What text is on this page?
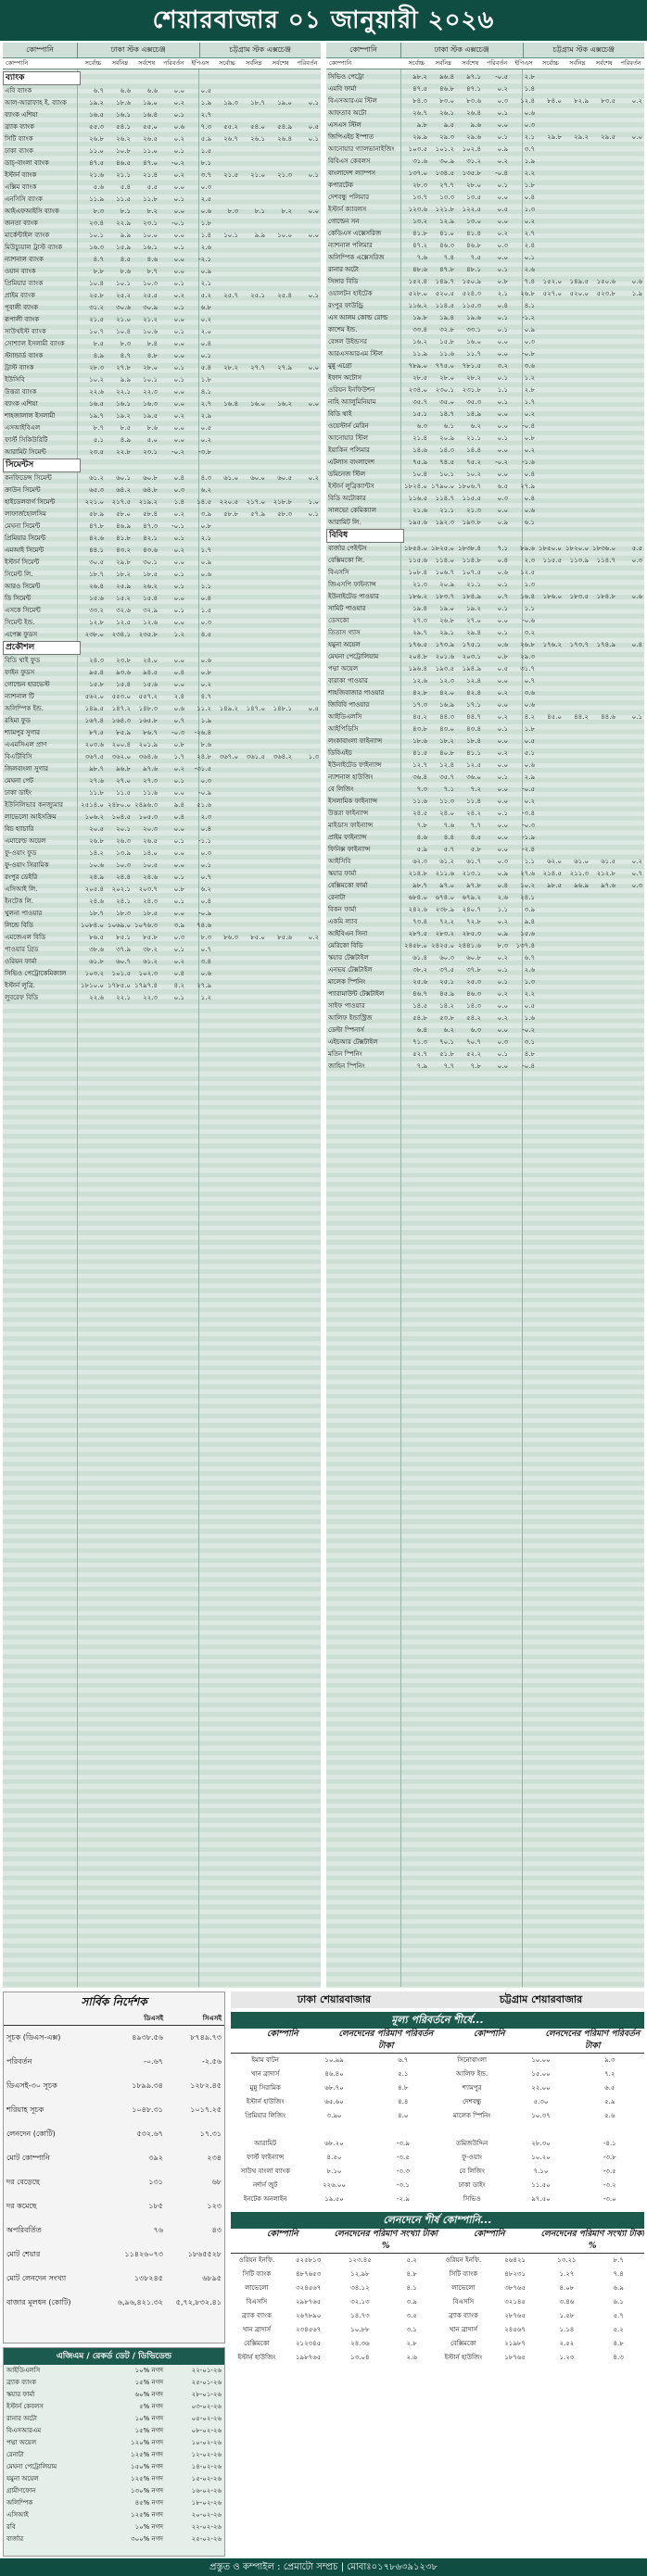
শেয়ারবাজার ০১ জানুয়ারী ২০২৬
কোম্পানি	ঢাকা স্টক এক্সচেঞ্জ	চট্টগ্রাম স্টক এক্সচেঞ্জ
কোম্পানি	সর্বোচ্চ	সর্বনিম্ন	সর্বশেষ	পরিবর্তন	ইপিএস	সর্বোচ্চ	সর্বনিম্ন	সর্বশেষ	পরিবর্তন
ব্যাংক
এবি ব্যাংক	৬.৭	৬.৬	৬.৬	০.০	০.৫
আল-আরাফাহ ই. ব্যাংক	১৯.২	১৮.৬	১৯.০	০.২	১.৯	১৯.৩	১৮.৭	১৯.০	০.১
ব্যাংক এশিয়া	১৬.৫	১৬.১	১৬.৪	০.১	২.৭
ব্র্যাক ব্যাংক	৫৫.৩	৫৪.১	৫৫.০	০.৬	৭.৩	৫৫.২	৫৪.০	৫৪.৯	০.৫
সিটি ব্যাংক	২৬.৮	২৬.২	২৬.৫	০.২	৫.৯	২৬.৭	২৬.১	২৬.৪	০.১
ঢাকা ব্যাংক	১১.০	১০.৮	১১.০	০.১	১.৫
ডাচ্-বাংলা ব্যাংক	৪৭.৫	৪৬.৫	৪৭.০	-০.২	৮.১
ইস্টার্ন ব্যাংক	২১.৬	২১.১	২১.৪	০.২	৩.৭	২১.৫	২১.০	২১.৩	০.১
এক্সিম ব্যাংক	৫.৬	৫.৪	৫.৫	০.০	০.৩
এনসিসি ব্যাংক	১১.৯	১১.৫	১১.৮	০.১	২.৫
আইএফআইসি ব্যাংক	৮.৩	৮.১	৮.২	০.০	০.৬	৮.৩	৮.১	৮.২	০.০
জনতা ব্যাংক	২৩.৪	২২.৯	২৩.১	-০.১	১.৮
মার্কেন্টাইল ব্যাংক	১০.১	৯.৯	১০.০	০.০	১.৪	১০.১	৯.৯	১০.০	০.০
মিউচ্যুয়াল ট্রাস্ট ব্যাংক	১৬.৩	১৫.৯	১৬.১	০.১	২.৬
ন্যাশনাল ব্যাংক	৪.৭	৪.৫	৪.৬	০.০	-২.১
ওয়ান ব্যাংক	৮.৮	৮.৬	৮.৭	০.০	০.৯
প্রিমিয়ার ব্যাংক	১০.৪	১০.১	১০.৩	০.১	২.১
প্রাইম ব্যাংক	২৫.৮	২৫.২	২৫.৫	০.২	৫.২	২৫.৭	২৫.১	২৫.৪	০.১
পূবালী ব্যাংক	৩১.২	৩০.৬	৩০.৯	০.১	৬.৮
রূপালী ব্যাংক	২১.৫	২১.০	২১.২	০.০	০.২
সাউথইস্ট ব্যাংক	১০.৭	১০.৪	১০.৬	০.১	২.০
সোশ্যাল ইসলামী ব্যাংক	৮.৫	৮.৩	৮.৪	০.০	০.৪
স্ট্যান্ডার্ড ব্যাংক	৪.৯	৪.৭	৪.৮	০.০	০.১
ট্রাস্ট ব্যাংক	২৮.৩	২৭.৮	২৮.০	০.১	৫.৪	২৮.২	২৭.৭	২৭.৯	০.০
ইউসিবি	১০.২	৯.৯	১০.১	০.১	১.৮
উত্তরা ব্যাংক	২২.৬	২২.১	২২.৩	০.০	৪.১
ব্যাংক এশিয়া	১৬.৫	১৬.১	১৬.৩	০.০	২.৭	১৬.৪	১৬.০	১৬.২	০.০
শাহজালাল ইসলামী	১৯.৭	১৯.২	১৯.৫	০.২	২.৯
এসআইবিএল	৮.৭	৮.৫	৮.৬	০.০	০.৫
ফার্স্ট সিকিউরিটি	৫.১	৪.৯	৫.০	০.০	০.২
আরামিট সিমেন্ট	২৩.৫	২২.৮	২৩.১	-০.২	-৩.৮
সিমেন্টস
কনফিডেন্স সিমেন্ট	৬১.২	৬০.১	৬০.৮	০.৪	৪.৩	৬১.০	৬০.০	৬০.৫	০.২
ক্রাউন সিমেন্ট	৬৫.৩	৬৪.২	৬৪.৮	০.৩	৬.২
হাইডেলবার্গ সিমেন্ট	২২১.০	২১৭.৫	২১৯.২	১.৪	১৪.৫	২২০.৫	২১৭.০	২১৮.৮	১.০
লাফার্জহোলসিম	৫৮.৯	৫৮.০	৫৮.৪	০.২	৩.৯	৫৮.৮	৫৭.৯	৫৮.৩	০.১
মেঘনা সিমেন্ট	৪৭.৮	৪৬.৯	৪৭.৩	-০.১	০.৮
প্রিমিয়ার সিমেন্ট	৪২.৬	৪১.৮	৪২.১	০.১	২.১
এমআই সিমেন্ট	৪৪.১	৪৩.২	৪৩.৬	০.২	১.৭
ইস্টার্ন সিমেন্ট	৩০.৫	২৯.৮	৩০.১	০.০	০.৯
সিমেন্ট লি.	১৮.৭	১৮.২	১৮.৫	০.১	০.৬
আরও সিমেন্ট	২৬.৪	২৫.৯	২৬.২	০.১	১.১
ডি সিমেন্ট	১৫.৬	১৫.২	১৫.৪	০.০	০.৪
এসকে সিমেন্ট	৩৩.২	৩২.৬	৩২.৯	০.১	১.৫
সিমেন্ট ইন্ড.	১২.৮	১২.৫	১২.৬	০.০	০.৩
এপেক্স ফুডস	২৩৮.০	২৩৪.১	২৩৫.৮	১.২	৪.৫
প্রকৌশল
বিডি থাই ফুড	২৪.৩	২৩.৮	২৪.০	০.০	০.৬
ফাইন ফুডস	৯৫.৪	৯৩.৬	৯৪.৫	০.৪	০.৮
গোল্ডেন হারভেস্ট	১৫.৮	১৫.৪	১৫.৬	০.০	০.২
ন্যাশনাল টি	৫৬২.০	৫৫৩.০	৫৫৭.২	২.৪	৪.৭
অলিম্পিক ইন্ড.	১৪৯.৫	১৪৭.২	১৪৮.৩	০.৬	১১.২	১৪৯.২	১৪৭.০	১৪৮.১	০.৫
রহিমা ফুড	১৬৭.৪	১৬৪.৩	১৬৫.৮	০.৭	১.৯
শ্যামপুর সুগার	৮৭.৫	৮৫.৯	৮৬.৭	-০.৩	-২৬.৪
এএমসিএল প্রাণ	২০৩.৬	২০০.৪	২০১.৯	০.৮	৮.৬
বিএটিবিসি	৩৬৭.৫	৩৬২.০	৩৬৪.৬	১.৭	২৪.৮	৩৬৭.০	৩৬১.৫	৩৬৪.২	১.৩
জিলবাংলা সুগার	৯৮.৭	৯৬.৮	৯৭.৬	০.২	-৩১.৫
মেঘনা পেট	২৭.৬	২৭.০	২৭.৩	০.১	০.৩
ঢাকা ডাইং	১১.৮	১১.৫	১১.৬	০.০	-০.৯
ইউনিলিভার কনজ্যুমার	২৫১৪.০ ২৪৮০.০ ২৪৯৬.৩	৯.৪	৫১.৬
লাভেলো আইসক্রিম	১০৬.২	১০৪.৫	১০৫.৩	০.৪	২.৩
বিচ হ্যাচারি	২০.৫	২০.১	২০.৩	০.০	০.৪
এমারেল্ড অয়েল	২৬.৮	২৬.৩	২৬.৫	০.১	-১.১
ফু-ওয়াং ফুড	১৪.২	১৩.৯	১৪.০	০.০	০.৩
ফু-ওয়াং সিরামিক	১০.৬	১০.৩	১০.৫	০.০	০.১
রংপুর ডেইরি	২৪.৯	২৪.৪	২৪.৬	০.১	০.৭
এসিআই লি.	২০৫.৪	২০২.১	২০৩.৭	০.৮	৬.২
ইনটেক লি.	২৪.৬	২৪.১	২৪.৩	০.১	০.৪
খুলনা পাওয়ার	১৮.৭	১৮.৩	১৮.৫	০.০	-০.৯
লিন্ডে বিডি	১০৮৪.০ ১০৬৯.০ ১০৭৬.৩	৩.৯	৭৪.৬
এমজেএল বিডি	৮৬.৫	৮৫.১	৮৫.৮	০.৩	৮.৩	৮৬.৩	৮৫.০	৮৫.৬	০.২
পাওয়ার গ্রিড	৩৮.৬	৩৭.৯	৩৮.২	০.১	০.৭
ওরিয়ন ফার্মা	৬১.৮	৬০.৭	৬১.২	০.২	৩.৪
সিভিও পেট্রোকেমিক্যাল	১০৩.২	১০১.৫	১০২.৩	০.৪	০.৬
ইস্টার্ন লুব্রি.	১৮১০.০ ১৭৮৫.০ ১৭৯৭.৪	৪.২	২৭.৯
লুবরেফ বিডি	২২.৬	২২.১	২২.৩	০.১	১.২
কোম্পানি	ঢাকা স্টক এক্সচেঞ্জ	চট্টগ্রাম স্টক এক্সচেঞ্জ
কোম্পানি	সর্বোচ্চ	সর্বনিম্ন	সর্বশেষ	পরিবর্তন	ইপিএস	সর্বোচ্চ	সর্বনিম্ন	সর্বশেষ	পরিবর্তন
সিভিও পেট্রো	৯৮.২	৯৬.৪	৯৭.১	-০.৫	২.৮
এমবি ফার্মা	৪৭.৫	৪৬.৮	৪৭.১	০.২	১.৪
বিএসআরএম স্টিল	৮৪.৩	৮৩.০	৮৩.৬	০.৩	১২.৪	৮৪.০	৮২.৯	৮৩.৫	০.২
আফতাব অটো	২৬.৭	২৬.১	২৬.৪	০.১	০.৬
এসএস স্টিল	৯.৮	৯.৫	৯.৬	০.০	০.৩
জিপিএইচ ইস্পাত	২৯.৯	২৯.৩	২৯.৬	০.১	২.১	২৯.৮	২৯.২	২৯.৫	০.০
আনোয়ার গ্যালভানাইজিং	১০৩.৫	১০১.২	১০২.৪	০.৯	৩.৭
বিবিএস কেবলস	৩১.৬	৩০.৯	৩১.২	০.২	১.৯
বাংলাদেশ ল্যাম্পস	১৩৭.০	১৩৪.৫	১৩৫.৮	-০.৪	২.২
কপারটেক	২৮.৩	২৭.৭	২৮.০	০.১	১.৮
দেশবন্ধু পলিমার	১৩.৭	১৩.৩	১৩.৫	০.০	০.৪
ইস্টার্ন ক্যাবলস	১২৩.৬	১২১.৮	১২২.৫	০.৫	১.৩
গোল্ডেন সন	১৩.২	১২.৯	১৩.০	০.০	০.২
কেডিএস এক্সেসরিজ	৪১.৮	৪১.০	৪১.৪	০.২	২.৭
ন্যাশনাল পলিমার	৪৭.২	৪৬.৩	৪৬.৮	০.৩	২.৪
অলিম্পিক এক্সেসরিজ	৭.৬	৭.৪	৭.৫	০.০	০.১
রানার অটো	৪৮.৬	৪৭.৮	৪৮.১	০.১	২.৬
সিঙ্গার বিডি	১৫২.৪	১৪৯.৭	১৫০.৯	০.৮	৭.৪	১৫২.০	১৪৯.৫	১৫০.৬	০.৬
ওয়ালটন হাইটেক	৫২৮.০	৫২০.৫	৫২৪.৩	২.১	২৬.৮	৫২৭.০	৫২০.০	৫২৩.৮	১.৯
রংপুর ফাউন্ড্রি	১১৬.২	১১৪.৫	১১৫.৩	০.৪	৪.১
এস আলম কোল্ড রোল্ড	১৯.৮	১৯.৪	১৯.৬	০.১	-১.২
কাশেম ইন্ড.	৩৩.৪	৩২.৮	৩৩.১	০.১	০.৯
বেঙ্গল উইন্ডসর	১৬.২	১৫.৮	১৬.০	০.০	০.৩
আরএসআরএম স্টিল	১১.৯	১১.৬	১১.৭	০.০	-০.৮
মুন্নু এগ্রো	৭৮৯.০	৭৭৫.০	৭৮১.৫	৩.২	৩.৬
ইফাদ অটোস	২৮.৫	২৮.০	২৮.২	০.১	১.২
ওরিয়ন ইনফিউশন	২৩৪.০	২৩০.১	২৩১.৮	১.১	২.৮
নাহি অ্যালুমিনিয়াম	৩৫.৭	৩৫.০	৩৫.৩	০.১	১.৭
বিডি থাই	১৫.১	১৪.৭	১৪.৯	০.০	০.২
ওয়েস্টার্ন মেরিন	৬.৩	৬.১	৬.২	০.০	-০.৪
আনোয়ার স্টিল	২১.৪	২০.৯	২১.১	০.১	০.৮
ইয়াকিন পলিমার	১৪.৬	১৪.৩	১৪.৪	০.০	০.২
এটলাস বাংলাদেশ	৭৫.৯	৭৪.৫	৭৫.২	-০.২	-১.৬
ডমিনেজ স্টিল	১০.৪	১০.১	১০.২	০.০	০.৪
ইস্টার্ন লুব্রিক্যান্টস	১৮২৪.০ ১৭৯০.০ ১৮০৬.৭	৬.৫	২৭.৯
বিডি অটোকার	১১৬.৫	১১৪.৭	১১৫.৫	০.৩	০.৪
সালভো কেমিক্যাল	২১.৬	২১.১	২১.৩	০.০	০.৬
আরামিট লি.	১৯৫.৬	১৯২.৩	১৯৩.৮	০.৯	৬.১
বিবিধ
বার্জার পেইন্টস	১৮৫৪.০ ১৮২৫.০ ১৮৩৮.৪	৭.১	৮৯.৬ ১৮৫০.০ ১৮২০.০ ১৮৩৬.০	৫.৫
বেক্সিমকো লি.	১১৫.৬	১১৪.০	১১৪.৮	০.৪	২.৩	১১৫.৫	১১৩.৯	১১৪.৭	০.৩
বিএসসি	১০৮.৪	১০৬.৭	১০৭.৫	০.৬	১২.৫
জিএসপি ফাইন্যান্স	২১.৩	২০.৯	২১.১	০.১	১.৩
ইউনাইটেড পাওয়ার	১৮৬.২	১৮৩.৭	১৮৪.৯	০.৭	১৬.৪	১৮৬.০	১৮৩.৫	১৮৪.৮	০.৬
সামিট পাওয়ার	১৯.৪	১৯.০	১৯.২	০.১	১.১
ডেসকো	২৭.৩	২৬.৮	২৭.০	০.০	-০.৬
তিতাস গ্যাস	২৯.৭	২৯.১	২৯.৪	০.১	৩.২
যমুনা অয়েল	১৭৬.৫	১৭৩.৯	১৭৫.১	০.৬	২৬.৮	১৭৬.২	১৭৩.৭	১৭৪.৯	০.৪
মেঘনা পেট্রোলিয়াম	২০৪.৮	২০১.৬	২০৩.১	০.৮	২৯.৩
পদ্মা অয়েল	১৯৬.৪	১৯৩.৫	১৯৪.৯	০.৫	৩১.৭
বারাকা পাওয়ার	১২.৬	১২.৩	১২.৪	০.০	০.৭
শাহজিবাজার পাওয়ার	৪২.৮	৪২.০	৪২.৪	০.২	৩.৬
জিবিবি পাওয়ার	১৭.৩	১৬.৯	১৭.১	০.০	০.৬
আইডিএলসি	৪৫.২	৪৪.৩	৪৪.৭	০.২	৪.২	৪৫.০	৪৪.২	৪৪.৬	০.১
আইপিডিসি	৪৩.৮	৪৩.০	৪৩.৪	০.১	১.৮
লংকাবাংলা ফাইন্যান্স	১৮.৬	১৮.২	১৮.৪	০.০	০.৫
ডিবিএইচ	৪১.৫	৪০.৮	৪১.১	০.২	৫.১
ইউনাইটেড ফাইন্যান্স	১২.৭	১২.৪	১২.৫	০.০	০.৬
ন্যাশনাল হাউজিং	৩৬.৪	৩৫.৭	৩৬.০	০.১	২.৯
বে লিজিং	৭.৩	৭.১	৭.২	০.০	-০.৫
ইসলামিক ফাইন্যান্স	১১.৬	১১.৩	১১.৪	০.০	০.২
উত্তরা ফাইন্যান্স	২৪.৫	২৪.০	২৪.২	০.১	-৩.৪
মাইডাস ফাইন্যান্স	৭.৮	৭.৬	৭.৭	০.০	-০.৩
প্রাইম ফাইন্যান্স	৪.৬	৪.৪	৪.৫	০.০	-১.৯
ফিনিক্স ফাইন্যান্স	৫.৯	৫.৭	৫.৮	০.০	-২.৪
আইসিবি	৬২.৩	৬১.২	৬১.৭	০.৩	১.১	৬২.০	৬১.০	৬১.৫	০.২
স্কয়ার ফার্মা	২১৪.৮	২১১.৬	২১৩.১	০.৯	২৭.৬	২১৪.৫	২১১.৩	২১২.৮	০.৭
বেক্সিমকো ফার্মা	৯৮.৭	৯৭.০	৯৭.৮	০.৪	১০.২	৯৮.৫	৯৬.৯	৯৭.৬	০.৩
রেনাটা	৬৮৪.০	৬৭৪.০	৬৭৯.২	২.৬	২৪.১
বিকন ফার্মা	২৪২.৬	২৩৮.৯	২৪০.৭	১.১	৩.৯
একমি ল্যাব	৭৩.৪	৭২.২	৭২.৮	০.২	৯.৪
আইবিএন সিনা	২৮৭.৫	২৮৩.২	২৮৫.৩	০.৯	১৫.৬
মেরিকো বিডি	২৪৫৮.০ ২৪২৫.০ ২৪৪১.৬	৮.৩	১৩৭.৪
স্কয়ার টেক্সটাইল	৬১.৪	৬০.৩	৬০.৮	০.২	৬.৭
এনভয় টেক্সটাইল	৩৮.২	৩৭.৫	৩৭.৮	০.১	২.৬
মালেক স্পিনিং	২৫.৬	২৫.১	২৫.৩	০.১	১.৩
প্যারামাউন্ট টেক্সটাইল	৪৬.৭	৪৫.৯	৪৬.৩	০.২	২.২
সাইফ পাওয়ার	১৪.৫	১৪.২	১৪.৩	০.০	০.৫
আলিফ ইন্ডাস্ট্রিজ	৫৪.৮	৫৩.৮	৫৪.২	০.২	১.৬
ডেল্টা স্পিনার্স	৬.৪	৬.২	৬.৩	০.০	-০.২
এইচআর টেক্সটাইল	৭১.৩	৭০.১	৭০.৭	০.৩	৩.১
মতিন স্পিনিং	৫২.৭	৫১.৮	৫২.২	০.১	৪.৮
জাহিন স্পিনিং	৭.৯	৭.৭	৭.৮	০.০	-০.৪
সার্বিক নির্দেশক
ডিএসই	সিএসই
সূচক (ডিএস-এক্স)	৪৯৩৮.৫৬	৮৭৪৯.৭৩
পরিবর্তন	-০.৬৭	-২.৫৬
ডিএসই-৩০ সূচক	১৮৯৯.৩৪	১২৮২.৪৫
শরিয়াহ সূচক	১০৪৮.৩১	১০১৭.২৫
লেনদেন (কোটি)	৫৩২.৬৭	১৭.৩১
মোট কোম্পানি	৩৯২	২৩৪
দর বেড়েছে	১৩১	৬৮
দর কমেছে	১৮৫	১২৩
অপরিবর্তিত	৭৬	৪৩
মোট শেয়ার	১১৪২৬০৭৩	১৮৬৫৫২৮
মোট লেনদেন সংখ্যা	১৩৮২৪৫	৬৮৯৫
বাজার মূলধন (কোটি)	৬,৯৬,৪২১.৩২	৫,৭২,৮৩২.৪১
এজিএম / রেকর্ড ডেট / ডিভিডেন্ড
আইডিএলসি	১০% নগদ	২২-০১-২৬
ব্র্যাক ব্যাংক	১৫% নগদ	২৫-০১-২৬
স্কয়ার ফার্মা	৬০% নগদ	২৮-০১-২৬
ইস্টার্ন কেবলস	৫% নগদ	০৩-০২-২৬
রানার অটো	১০% নগদ	০৫-০২-২৬
বিএসআরএম	১৫% নগদ	০৮-০২-২৬
পদ্মা অয়েল	১২০% নগদ	১০-০২-২৬
রেনাটা	১২৫% নগদ	১২-০২-২৬
মেঘনা পেট্রোলিয়াম	১৫০% নগদ	১৪-০২-২৬
যমুনা অয়েল	১২৫% নগদ	১৫-০২-২৬
গ্রামীণফোন	১৩০% নগদ	১৬-০২-২৬
অলিম্পিক	৪৫% নগদ	১৮-০২-২৬
এসিআই	১২৫% নগদ	২০-০২-২৬
রবি	১০% নগদ	২২-০২-২৬
বার্জার	৩০০% নগদ	২৫-০২-২৬
ঢাকা শেয়ারবাজার	চট্টগ্রাম শেয়ারবাজার
মূল্য পরিবর্তনে শীর্ষে...
কোম্পানি	লেনদেনের পরিমাণ পরিবর্তন টাকা
কোম্পানি	লেনদেনের পরিমাণ পরিবর্তন টাকা
ইমাম বাটন	১০.৯৯	৬.৭	সিনোবাংলা	১০.০০	৯.৩
খান ব্রাদার্স	৪৬.৪০	৫.১	আলিফ ইন্ড.	১৫.০০	৭.২
মুন্নু সিরামিক	৬৮.৭০	৪.৮	শ্যামপুর	২২.০০	৬.৫
ইস্টার্ন হাউজিং	৬৫.৬০	৪.৪	দেশবন্ধু	৫.৩০	৫.৯
প্রিমিয়ার লিজিং	৩.৯০	৪.০	মালেক স্পিনিং	১০.৩৭	৫.৬
আরামিট	৬৮.২০	-৩.৯	তমিজউদ্দিন	২৮.৩০	-৪.১
ফার্স্ট ফাইন্যান্স	৪.৫০	-৩.৫	ফু-ওয়াং	১০.২০	-৩.৮
সাউথ বাংলা ব্যাংক	৮.১০	-৩.৩	বে লিজিং	৭.১০	-৩.৫
নর্দার্ন জুট	২২৬.০০	-৩.১	ঢাকা ডাইং	১১.৫০	-৩.২
ইনটেক অনলাইন	১৯.৫০	-২.৯	সিভিও	৯৭.৫০	-৩.০
লেনদেনে শীর্ষ কোম্পানি...
কোম্পানি	লেনদেনের পরিমাণ সংখ্যা টাকা %
কোম্পানি	লেনদেনের পরিমাণ সংখ্যা টাকা %
ওরিয়ন ইনফি.	৫২৫৮১৩	১২৩.৪৫	৫.২	ওরিয়ন ইনফি.	৫৬৪২১	১৩.২১	৮.৭
সিটি ব্যাংক	৪৮৭৬৫৩	১২.৯৮	৪.৮	সিটি ব্যাংক	৪৮২৩১	১.২৭	৭.৪
লাভেলো	৩২৪৫৬৭	৩৪.১২	৪.১	লাভেলো	৩৮৭৬৫	৪.০৮	৬.৯
বিএসসি	২৯৮৭৬৫	৩২.১৩	৩.৯	বিএসসি	৩২১৪৫	৩.৪৬	৬.১
ব্র্যাক ব্যাংক	২৬৭৮৯০	১৪.৭৩	৩.৫	ব্র্যাক ব্যাংক	২৮৭৬৫	১.৫৮	৫.৭
খান ব্রাদার্স	২৩৪৫৬৭	১০.৮৮	৩.১	খান ব্রাদার্স	২৪৫৬৭	১.১৪	৫.২
বেক্সিমকো	২১২৩৪৫	২৪.৩৬	২.৮	বেক্সিমকো	২১৯৮৭	২.৫২	৪.৮
ইস্টার্ন হাউজিং	১৯৮৭৬৫	১৩.০৪	২.৬	ইস্টার্ন হাউজিং	১৮৭৬৫	১.২৩	৪.৩
প্রস্তুত ও কম্পাইল : প্রেমাটো সম্প্রচ | মোবাঃ০১৭৮৬৩৯১২৩৮
